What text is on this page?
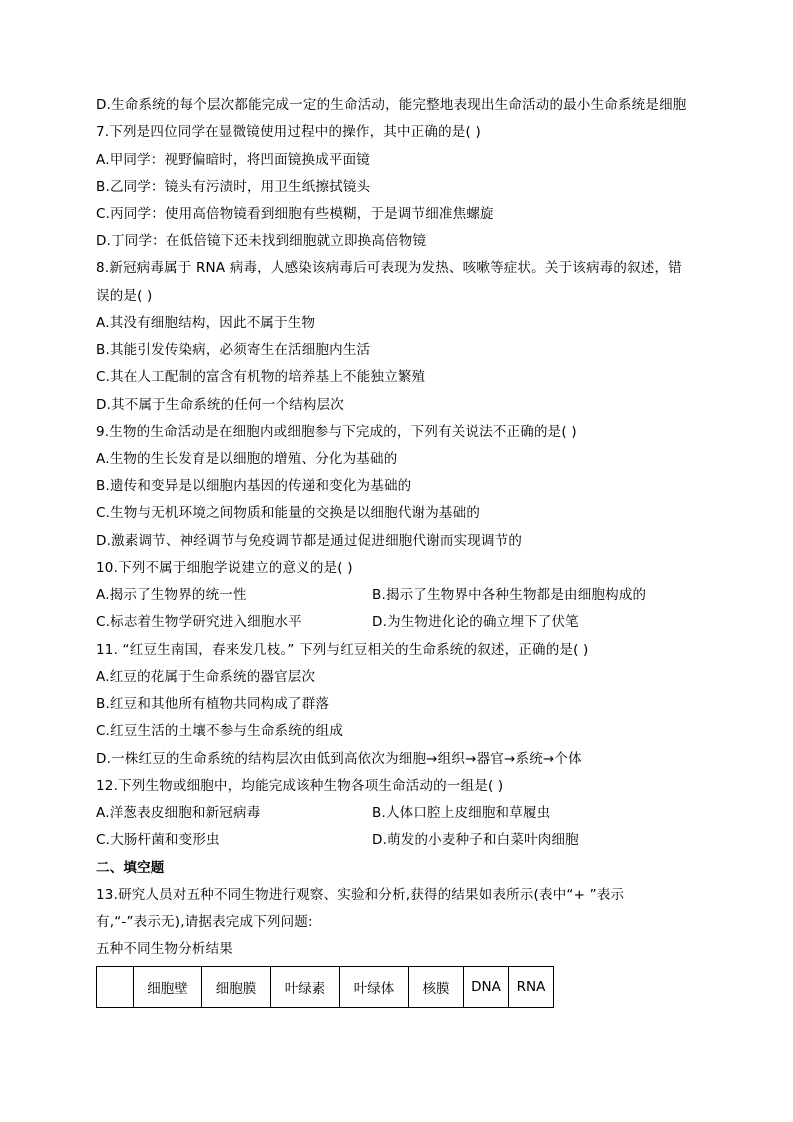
D.生命系统的每个层次都能完成一定的生命活动，能完整地表现出生命活动的最小生命系统是细胞
7.下列是四位同学在显微镜使用过程中的操作，其中正确的是( )
A.甲同学：视野偏暗时，将凹面镜换成平面镜
B.乙同学：镜头有污渍时，用卫生纸擦拭镜头
C.丙同学：使用高倍物镜看到细胞有些模糊，于是调节细准焦螺旋
D.丁同学：在低倍镜下还未找到细胞就立即换高倍物镜
8.新冠病毒属于 RNA 病毒，人感染该病毒后可表现为发热、咳嗽等症状。关于该病毒的叙述，错
误的是( )
A.其没有细胞结构，因此不属于生物
B.其能引发传染病，必须寄生在活细胞内生活
C.其在人工配制的富含有机物的培养基上不能独立繁殖
D.其不属于生命系统的任何一个结构层次
9.生物的生命活动是在细胞内或细胞参与下完成的，下列有关说法不正确的是( )
A.生物的生长发育是以细胞的增殖、分化为基础的
B.遗传和变异是以细胞内基因的传递和变化为基础的
C.生物与无机环境之间物质和能量的交换是以细胞代谢为基础的
D.激素调节、神经调节与免疫调节都是通过促进细胞代谢而实现调节的
10.下列不属于细胞学说建立的意义的是( )
A.揭示了生物界的统一性	B.揭示了生物界中各种生物都是由细胞构成的
C.标志着生物学研究进入细胞水平	D.为生物进化论的确立埋下了伏笔
11. “红豆生南国，春来发几枝。” 下列与红豆相关的生命系统的叙述，正确的是( )
A.红豆的花属于生命系统的器官层次
B.红豆和其他所有植物共同构成了群落
C.红豆生活的土壤不参与生命系统的组成
D.一株红豆的生命系统的结构层次由低到高依次为细胞→组织→器官→系统→个体
12.下列生物或细胞中，均能完成该种生物各项生命活动的一组是( )
A.洋葱表皮细胞和新冠病毒	B.人体口腔上皮细胞和草履虫
C.大肠杆菌和变形虫	D.萌发的小麦种子和白菜叶肉细胞
二、填空题
13.研究人员对五种不同生物进行观察、实验和分析,获得的结果如表所示(表中“+ ”表示
有,“-”表示无),请据表完成下列问题:
五种不同生物分析结果
	细胞壁	细胞膜	叶绿素	叶绿体	核膜	DNA	RNA
